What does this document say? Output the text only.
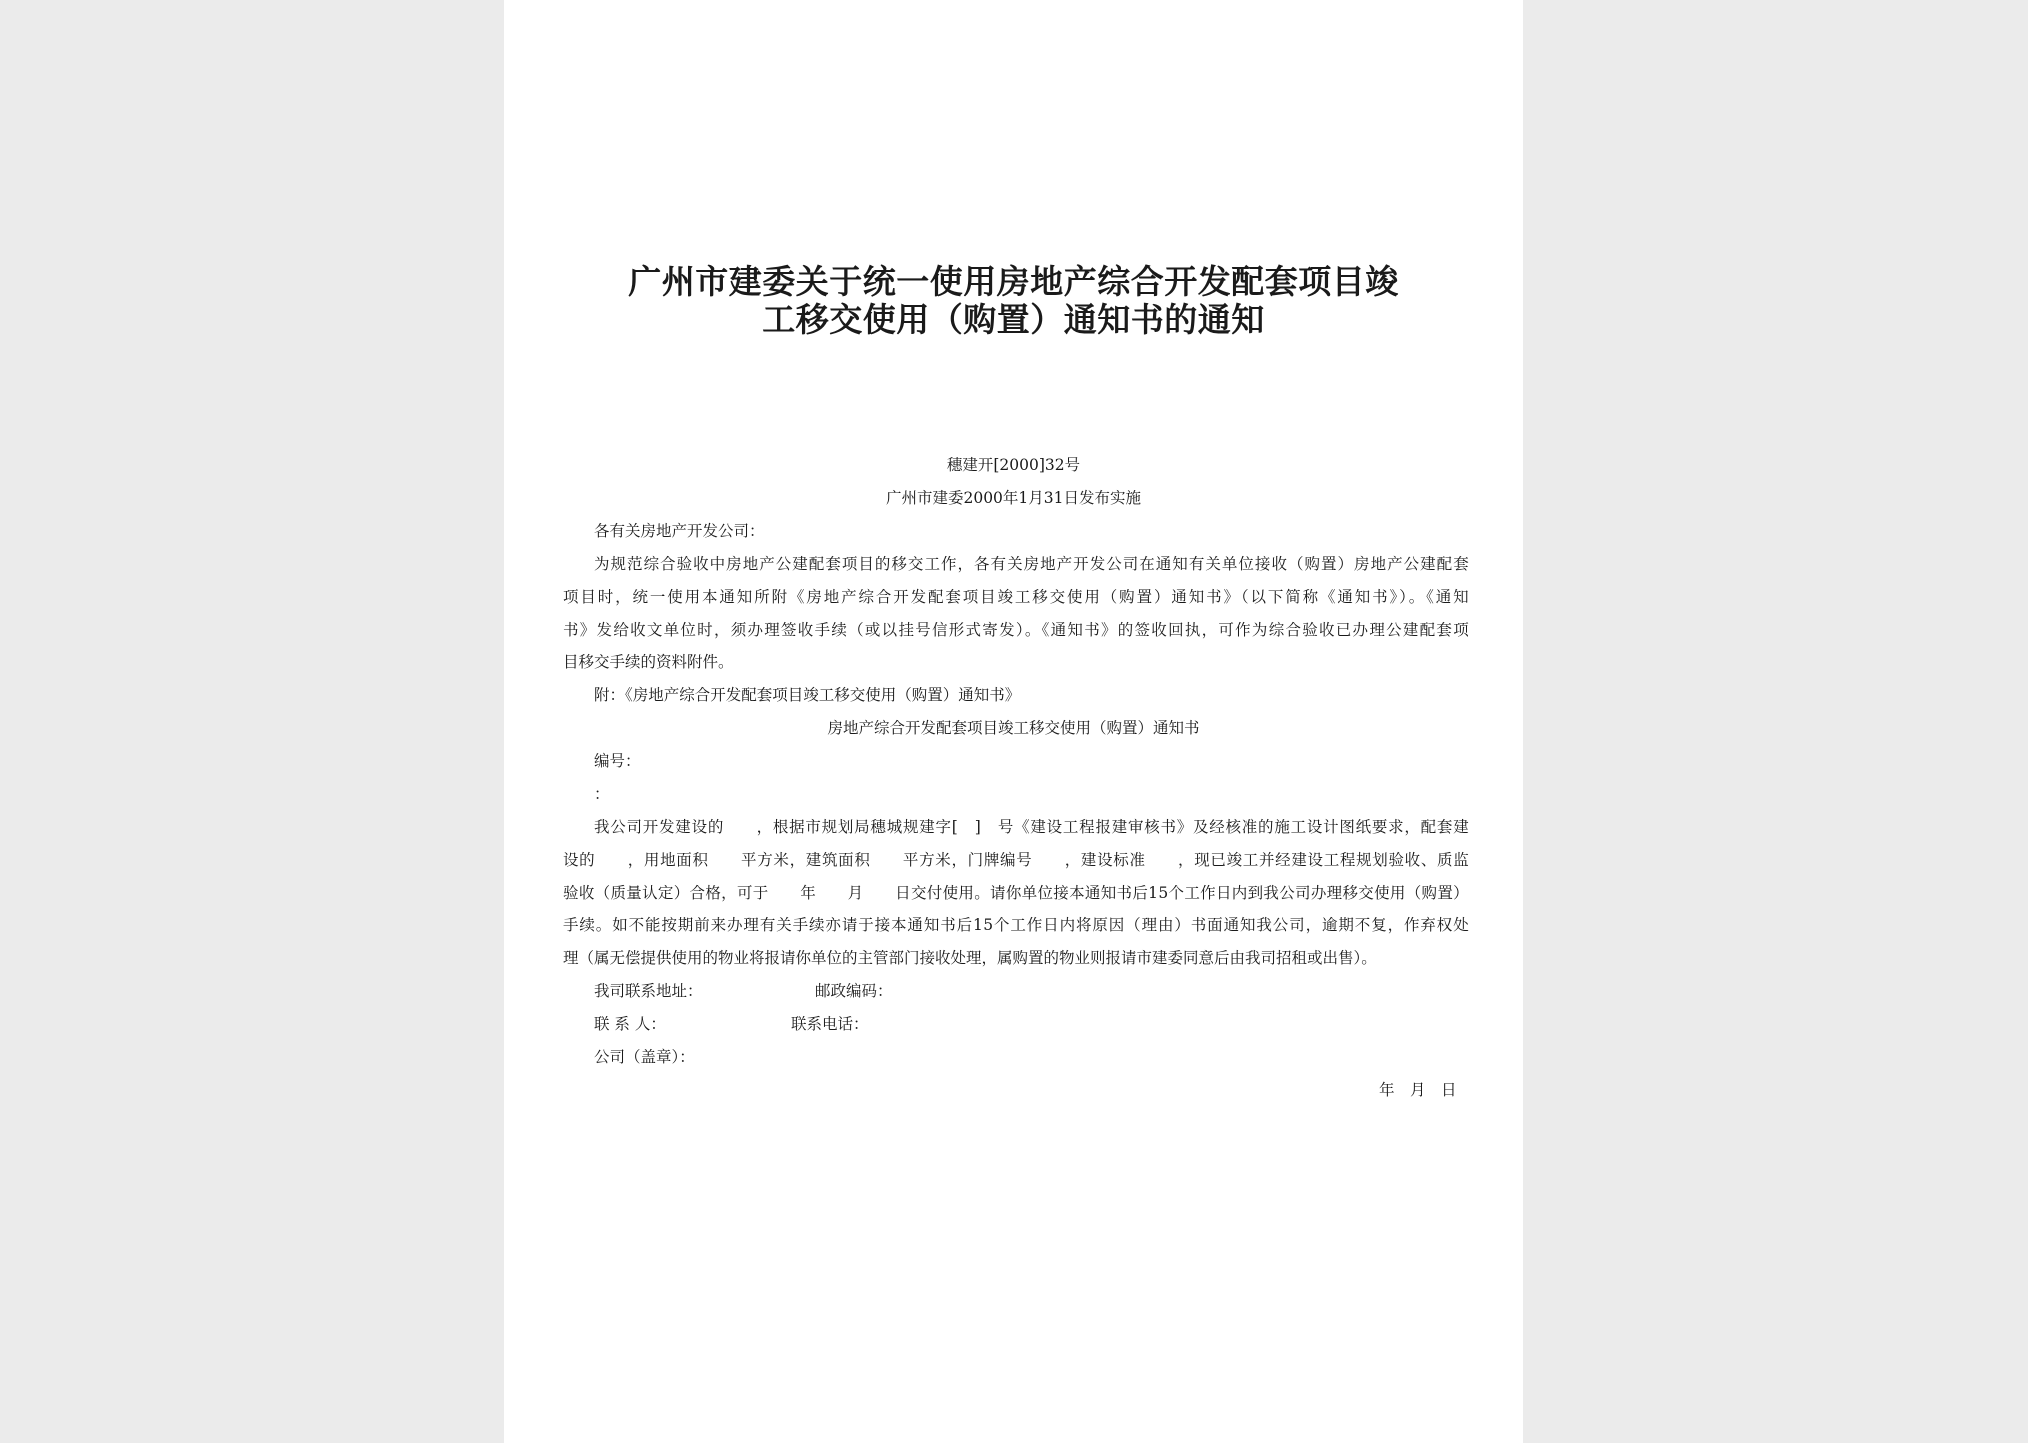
广州市建委关于统一使用房地产综合开发配套项目竣
工移交使用（购置）通知书的通知
穗建开[2000]32号
广州市建委2000年1月31日发布实施
各有关房地产开发公司：
为规范综合验收中房地产公建配套项目的移交工作，各有关房地产开发公司在通知有关单位接收（购置）房地产公建配套
项目时，统一使用本通知所附《房地产综合开发配套项目竣工移交使用（购置）通知书》（以下简称《通知书》）。《通知
书》发给收文单位时，须办理签收手续（或以挂号信形式寄发）。《通知书》的签收回执，可作为综合验收已办理公建配套项
目移交手续的资料附件。
附：《房地产综合开发配套项目竣工移交使用（购置）通知书》
房地产综合开发配套项目竣工移交使用（购置）通知书
编号：
：
我公司开发建设的　　，根据市规划局穗城规建字[　]　号《建设工程报建审核书》及经核准的施工设计图纸要求，配套建
设的　　，用地面积　　平方米，建筑面积　　平方米，门牌编号　　，建设标准　　，现已竣工并经建设工程规划验收、质监
验收（质量认定）合格，可于　　年　　月　　日交付使用。请你单位接本通知书后15个工作日内到我公司办理移交使用（购置）
手续。如不能按期前来办理有关手续亦请于接本通知书后15个工作日内将原因（理由）书面通知我公司，逾期不复，作弃权处
理（属无偿提供使用的物业将报请你单位的主管部门接收处理，属购置的物业则报请市建委同意后由我司招租或出售）。
我司联系地址：	邮政编码：
联 系 人：	联系电话：
公司（盖章）：
年　月　日
